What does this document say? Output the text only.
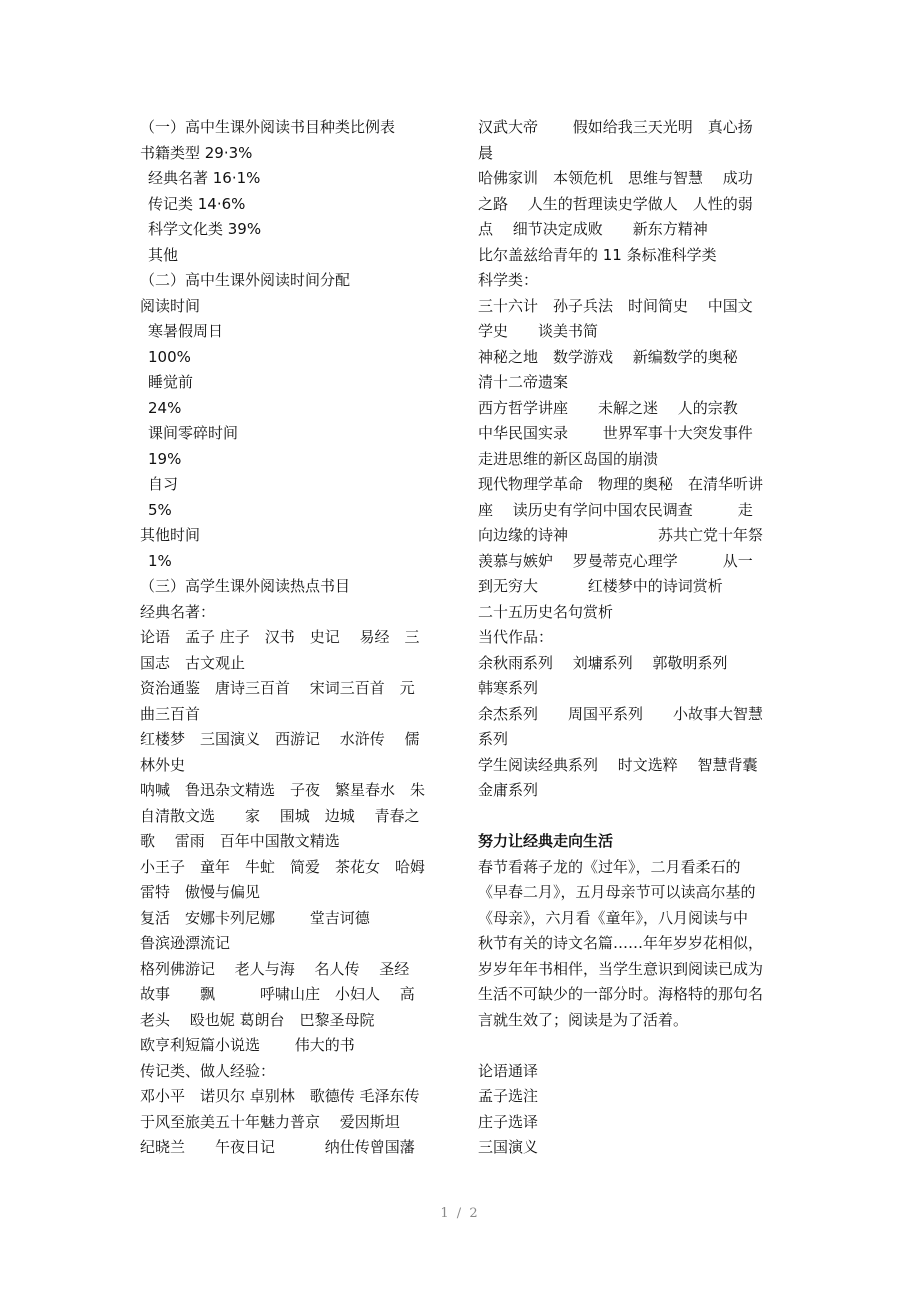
（一）高中生课外阅读书目种类比例表
书籍类型 29·3%
经典名著 16·1%
传记类 14·6%
科学文化类 39%
其他
（二）高中生课外阅读时间分配
阅读时间
寒暑假周日
100%
睡觉前
24%
课间零碎时间
19%
自习
5%
其他时间
1%
（三）高学生课外阅读热点书目
经典名著：
论语　孟子 庄子　汉书　史记　 易经　三
国志　古文观止
资治通鉴　唐诗三百首　 宋词三百首　元
曲三百首
红楼梦　三国演义　西游记　 水浒传　 儒
林外史
呐喊　鲁迅杂文精选　子夜　繁星春水　朱
自清散文选　　家　 围城　边城　 青春之
歌　 雷雨　百年中国散文精选
小王子　童年　牛虻　简爱　茶花女　哈姆
雷特　傲慢与偏见
复活　安娜卡列尼娜　　 堂吉诃德
鲁滨逊漂流记
格列佛游记　 老人与海　 名人传　 圣经
故事　　飘　　　呼啸山庄　小妇人　 高
老头　 殴也妮 葛朗台　巴黎圣母院
欧亨利短篇小说选　　 伟大的书
传记类、做人经验：
邓小平　诺贝尔 卓别林　歌德传 毛泽东传
于风至旅美五十年魅力普京　 爱因斯坦
纪晓兰　　午夜日记　　　 纳仕传曾国藩
汉武大帝　　 假如给我三天光明　真心扬
晨
哈佛家训　本领危机　思维与智慧　 成功
之路　 人生的哲理读史学做人　人性的弱
点　 细节决定成败　　新东方精神
比尔盖兹给青年的 11 条标准科学类
科学类：
三十六计　孙子兵法　时间简史　 中国文
学史　　谈美书简
神秘之地　数学游戏　 新编数学的奥秘
清十二帝遗案
西方哲学讲座　　未解之迷　 人的宗教
中华民国实录　　 世界军事十大突发事件
走进思维的新区岛国的崩溃
现代物理学革命　物理的奥秘　在清华听讲
座　 读历史有学问中国农民调查　　　走
向边缘的诗神　　　　　　苏共亡党十年祭
羡慕与嫉妒　 罗曼蒂克心理学　　　从一
到无穷大　　　 红楼梦中的诗词赏析
二十五历史名句赏析
当代作品：
余秋雨系列　 刘墉系列　 郭敬明系列
韩寒系列
余杰系列　　周国平系列　　小故事大智慧
系列
学生阅读经典系列　 时文选粹　 智慧背囊
金庸系列
努力让经典走向生活
春节看蒋子龙的《过年》，二月看柔石的
《早春二月》，五月母亲节可以读高尔基的
《母亲》，六月看《童年》，八月阅读与中
秋节有关的诗文名篇……年年岁岁花相似，
岁岁年年书相伴，当学生意识到阅读已成为
生活不可缺少的一部分时。海格特的那句名
言就生效了；阅读是为了活着。
论语通译
孟子选注
庄子选译
三国演义
1 / 2
